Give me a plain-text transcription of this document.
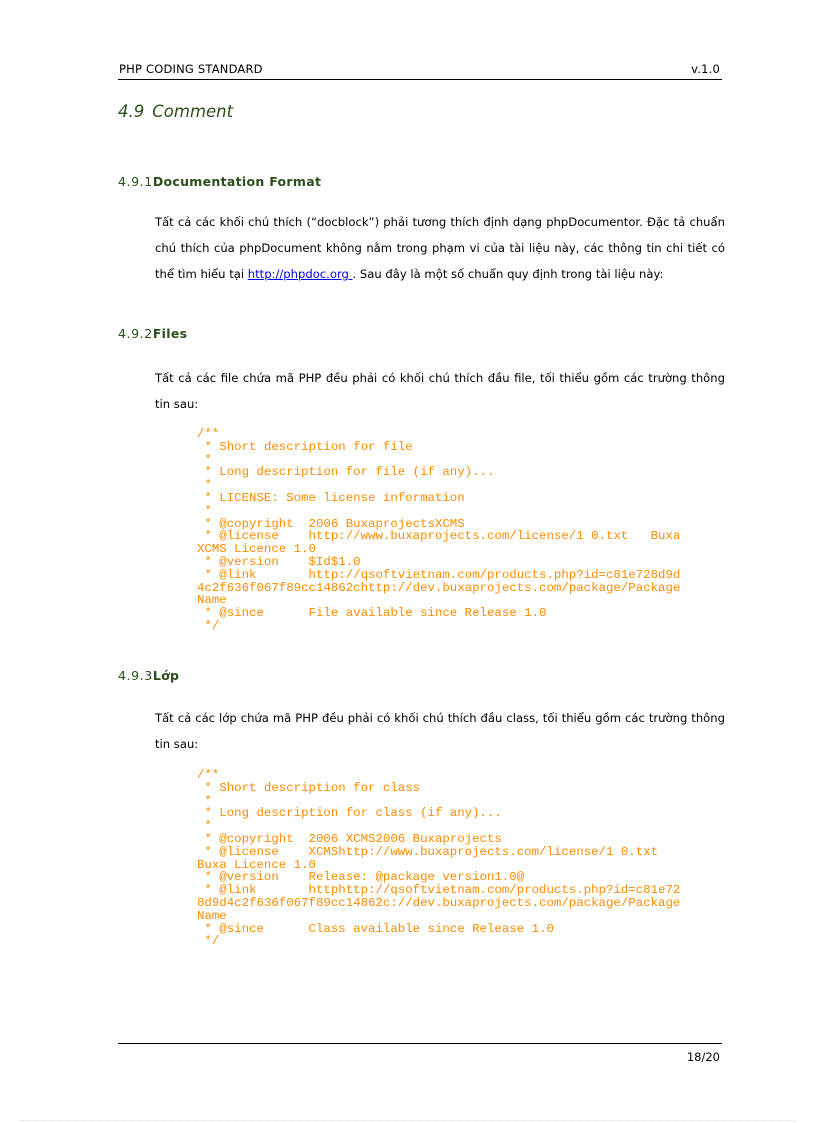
PHP CODING STANDARD	v.1.0
4.9 Comment
4.9.1Documentation Format
Tất cả các khối chú thích (“docblock”) phải tương thích định dạng phpDocumentor. Đặc tả chuẩn chú thích của phpDocument không nằm trong phạm vi của tài liệu này, các thông tin chi tiết có thể tìm hiểu tại http://phpdoc.org . Sau đây là một số chuẩn quy định trong tài liệu này:
4.9.2Files
Tất cả các file chứa mã PHP đều phải có khối chú thích đầu file, tối thiểu gồm các trường thông tin sau:
/**
* Short description for file
*
* Long description for file (if any)...
*
* LICENSE: Some license information
*
* @copyright  2006 BuxaprojectsXCMS
* @license    http://www.buxaprojects.com/license/1 0.txt   Buxa
XCMS Licence 1.0
* @version    $Id$1.0
* @link       http://qsoftvietnam.com/products.php?id=c81e728d9d
4c2f636f067f89cc14862chttp://dev.buxaprojects.com/package/Package
Name
* @since      File available since Release 1.0
*/
4.9.3Lớp
Tất cả các lớp chứa mã PHP đều phải có khối chú thích đầu class, tối thiểu gồm các trường thông tin sau:
/**
* Short description for class
*
* Long description for class (if any)...
*
* @copyright  2006 XCMS2006 Buxaprojects
* @license    XCMShttp://www.buxaprojects.com/license/1 0.txt
Buxa Licence 1.0
* @version    Release: @package version1.0@
* @link       httphttp://qsoftvietnam.com/products.php?id=c81e72
8d9d4c2f636f067f89cc14862c://dev.buxaprojects.com/package/Package
Name
* @since      Class available since Release 1.0
*/
18/20
